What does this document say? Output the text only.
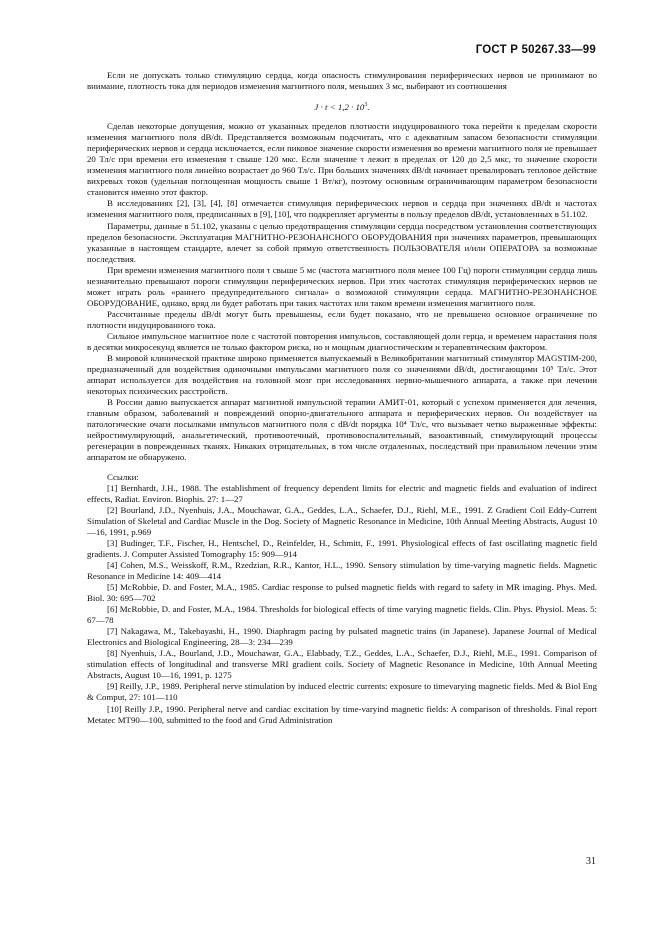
ГОСТ Р 50267.33—99

Если не допускать только стимуляцию сердца, когда опасность стимулирования периферических нервов не принимают во внимание, плотность тока для периодов изменения магнитного поля, меньших 3 мс, выбирают из соотношения

$J \cdot t < 1,2 \cdot 10^3$.

Сделав некоторые допущения, можно от указанных пределов плотности индуцированного тока перейти к пределам скорости изменения магнитного поля dB/dt. Представляется возможным подсчитать, что с адекватным запасом безопасности стимуляции периферических нервов и сердца исключается, если пиковое значение скорости изменения во времени магнитного поля не превышает 20 Тл/с при времени его изменения τ свыше 120 мкс. Если значение τ лежит в пределах от 120 до 2,5 мкс, то значение скорости изменения магнитного поля линейно возрастает до 960 Тл/с. При больших значениях dB/dt начинает превалировать тепловое действие вихревых токов (удельная поглощенная мощность свыше 1 Вт/кг), поэтому основным ограничивающим параметром безопасности становится именно этот фактор.

В исследованиях [2], [3], [4], [8] отмечается стимуляция периферических нервов и сердца при значениях dB/dt и частотах изменения магнитного поля, предписанных в [9], [10], что подкрепляет аргументы в пользу пределов dB/dt, установленных в 51.102.

Параметры, данные в 51.102, указаны с целью предотвращения стимуляции сердца посредством установления соответствующих пределов безопасности. Эксплуатация МАГНИТНО-РЕЗОНАНСНОГО ОБОРУДОВАНИЯ при значениях параметров, превышающих указанные в настоящем стандарте, влечет за собой прямую ответственность ПОЛЬЗОВАТЕЛЯ и/или ОПЕРАТОРА за возможные последствия.

При времени изменения магнитного поля τ свыше 5 мс (частота магнитного поля менее 100 Гц) пороги стимуляции сердца лишь незначительно превышают пороги стимуляции периферических нервов. При этих частотах стимуляция периферических нервов не может играть роль «раннего предупредительного сигнала» о возможной стимуляции сердца. МАГНИТНО-РЕЗОНАНСНОЕ ОБОРУДОВАНИЕ, однако, вряд ли будет работать при таких частотах или таком времени изменения магнитного поля.

Рассчитанные пределы dB/dt могут быть превышены, если будет показано, что не превышено основное ограничение по плотности индуцированного тока.

Сильное импульсное магнитное поле с частотой повторения импульсов, составляющей доли герца, и временем нарастания поля в десятки микросекунд является не только фактором риска, но и мощным диагностическим и терапевтическим фактором.

В мировой клинической практике широко применяется выпускаемый в Великобритании магнитный стимулятор MAGSTIM-200, предназначенный для воздействия одиночными импульсами магнитного поля со значениями dB/dt, достигающими 10⁵ Тл/с. Этот аппарат используется для воздействия на головной мозг при исследованиях нервно-мышечного аппарата, а также при лечении некоторых психических расстройств.

В России давно выпускается аппарат магнитной импульсной терапии АМИТ-01, который с успехом применяется для лечения, главным образом, заболеваний и повреждений опорно-двигательного аппарата и периферических нервов. Он воздействует на патологические очаги посылками импульсов магнитного поля с dB/dt порядка 10⁴ Тл/с, что вызывает четко выраженные эффекты: нейростимулирующий, анальгетический, противоотечный, противовоспалительный, вазоактивный, стимулирующий процессы регенерации в поврежденных тканях. Никаких отрицательных, в том числе отдаленных, последствий при правильном лечении этим аппаратом не обнаружено.

Ссылки:

[1] Bernhardt, J.H., 1988. The establishment of frequency dependent limits for electric and magnetic fields and evaluation of indirect effects, Radiat. Environ. Biophis. 27: 1—27

[2] Bourland, J.D., Nyenhuis, J.A., Mouchawar, G.A., Geddes, L.A., Schaefer, D.J., Riehl, M.E., 1991. Z Gradient Coil Eddy-Current Simulation of Skeletal and Cardiac Muscle in the Dog. Society of Magnetic Resonance in Medicine, 10th Annual Meeting Abstracts, August 10—16, 1991, p.969

[3] Budinger, T.F., Fischer, H., Hentschel, D., Reinfelder, H., Schmitt, F., 1991. Physiological effects of fast oscillating magnetic field gradients. J. Computer Assisted Tomography 15: 909—914

[4] Cohen, M.S., Weisskoff, R.M., Rzedzian, R.R., Kantor, H.L., 1990. Sensory stimulation by time-varying magnetic fields. Magnetic Resonance in Medicine 14: 409—414

[5] McRobbie, D. and Foster, M.A., 1985. Cardiac response to pulsed magnetic fields with regard to safety in MR imaging. Phys. Med. Biol. 30: 695—702

[6] McRobbie, D. and Foster, M.A., 1984. Thresholds for biological effects of time varying magnetic fields. Clin. Phys. Physiol. Meas. 5: 67—78

[7] Nakagawa, M., Takebayashi, H., 1990. Diaphragm pacing by pulsated magnetic trains (in Japanese). Japanese Journal of Medical Electronics and Biological Engineering, 28—3: 234—239

[8] Nyenhuis, J.A., Bourland, J.D., Mouchawar, G.A., Elabbady, T.Z., Geddes, L.A., Schaefer, D.J., Riehl, M.E., 1991. Comparison of stimulation effects of longitudinal and transverse MRI gradient coils. Society of Magnetic Resonance in Medicine, 10th Annual Meeting Abstracts, August 10—16, 1991, p. 1275

[9] Reilly, J.P., 1989. Peripheral nerve stimulation by induced electric currents: exposure to timevarying magnetic fields. Med & Biol Eng & Comput, 27: 101—110

[10] Reilly J.P., 1990. Peripheral nerve and cardiac excitation by time-varyind magnetic fields: A comparison of thresholds. Final report Metatec MT90—100, submitted to the food and Grud Administration

31
